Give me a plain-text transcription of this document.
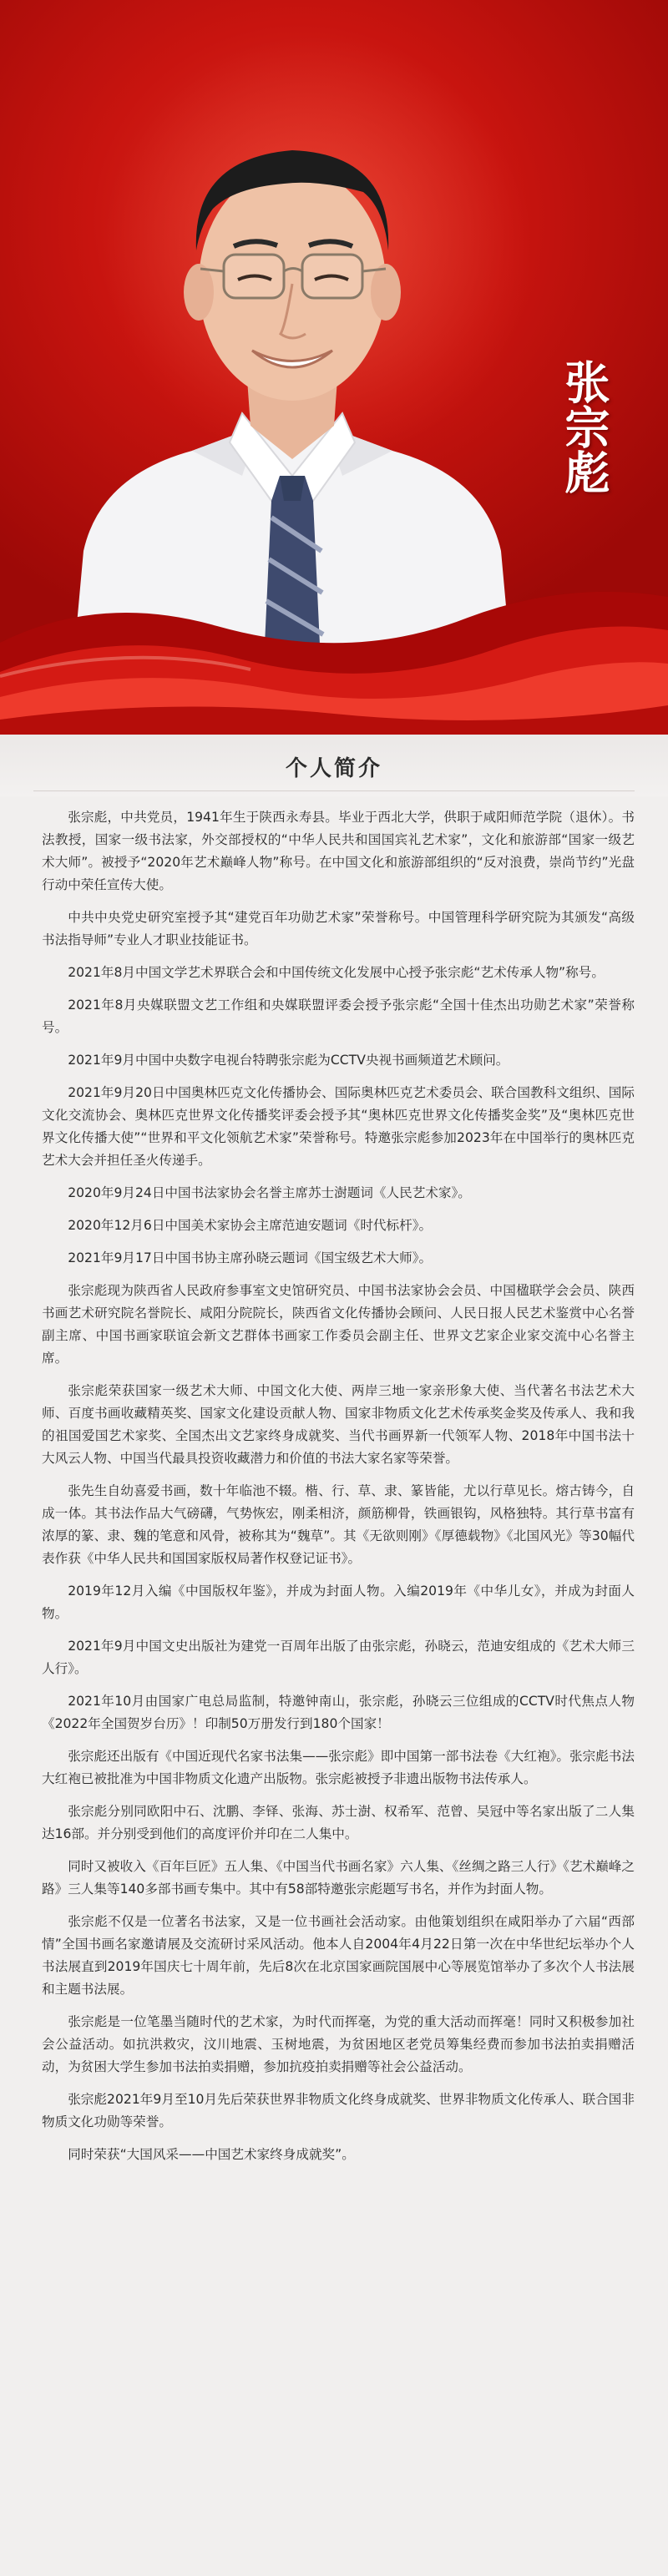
张宗彪
个人简介

张宗彪，中共党员，1941年生于陕西永寿县。毕业于西北大学，供职于咸阳师范学院（退休）。书法教授，国家一级书法家，外交部授权的“中华人民共和国国宾礼艺术家”，文化和旅游部“国家一级艺术大师”。被授予“2020年艺术巅峰人物”称号。在中国文化和旅游部组织的“反对浪费，崇尚节约”光盘行动中荣任宣传大使。

中共中央党史研究室授予其“建党百年功勋艺术家”荣誉称号。中国管理科学研究院为其颁发“高级书法指导师”专业人才职业技能证书。

2021年8月中国文学艺术界联合会和中国传统文化发展中心授予张宗彪“艺术传承人物”称号。

2021年8月央媒联盟文艺工作组和央媒联盟评委会授予张宗彪“全国十佳杰出功勋艺术家”荣誉称号。

2021年9月中国中央数字电视台特聘张宗彪为CCTV央视书画频道艺术顾问。

2021年9月20日中国奥林匹克文化传播协会、国际奥林匹克艺术委员会、联合国教科文组织、国际文化交流协会、奥林匹克世界文化传播奖评委会授予其“奥林匹克世界文化传播奖金奖”及“奥林匹克世界文化传播大使”“世界和平文化领航艺术家”荣誉称号。特邀张宗彪参加2023年在中国举行的奥林匹克艺术大会并担任圣火传递手。

2020年9月24日中国书法家协会名誉主席苏士澍题词《人民艺术家》。

2020年12月6日中国美术家协会主席范迪安题词《时代标杆》。

2021年9月17日中国书协主席孙晓云题词《国宝级艺术大师》。

张宗彪现为陕西省人民政府参事室文史馆研究员、中国书法家协会会员、中国楹联学会会员、陕西书画艺术研究院名誉院长、咸阳分院院长，陕西省文化传播协会顾问、人民日报人民艺术鉴赏中心名誉副主席、中国书画家联谊会新文艺群体书画家工作委员会副主任、世界文艺家企业家交流中心名誉主席。

张宗彪荣获国家一级艺术大师、中国文化大使、两岸三地一家亲形象大使、当代著名书法艺术大师、百度书画收藏精英奖、国家文化建设贡献人物、国家非物质文化艺术传承奖金奖及传承人、我和我的祖国爱国艺术家奖、全国杰出文艺家终身成就奖、当代书画界新一代领军人物、2018年中国书法十大风云人物、中国当代最具投资收藏潜力和价值的书法大家名家等荣誉。

张先生自幼喜爱书画，数十年临池不辍。楷、行、草、隶、篆皆能，尤以行草见长。熔古铸今，自成一体。其书法作品大气磅礴，气势恢宏，刚柔相济，颜筋柳骨，铁画银钩，风格独特。其行草书富有浓厚的篆、隶、魏的笔意和风骨，被称其为“魏草”。其《无欲则刚》《厚德载物》《北国风光》等30幅代表作获《中华人民共和国国家版权局著作权登记证书》。

2019年12月入编《中国版权年鉴》，并成为封面人物。入编2019年《中华儿女》，并成为封面人物。

2021年9月中国文史出版社为建党一百周年出版了由张宗彪，孙晓云，范迪安组成的《艺术大师三人行》。

2021年10月由国家广电总局监制，特邀钟南山，张宗彪，孙晓云三位组成的CCTV时代焦点人物《2022年全国贺岁台历》！印制50万册发行到180个国家！

张宗彪还出版有《中国近现代名家书法集——张宗彪》即中国第一部书法卷《大红袍》。张宗彪书法大红袍已被批准为中国非物质文化遗产出版物。张宗彪被授予非遗出版物书法传承人。

张宗彪分别同欧阳中石、沈鹏、李铎、张海、苏士澍、权希军、范曾、吴冠中等名家出版了二人集达16部。并分别受到他们的高度评价并印在二人集中。

同时又被收入《百年巨匠》五人集、《中国当代书画名家》六人集、《丝绸之路三人行》《艺术巅峰之路》三人集等140多部书画专集中。其中有58部特邀张宗彪题写书名，并作为封面人物。

张宗彪不仅是一位著名书法家，又是一位书画社会活动家。由他策划组织在咸阳举办了六届“西部情”全国书画名家邀请展及交流研讨采风活动。他本人自2004年4月22日第一次在中华世纪坛举办个人书法展直到2019年国庆七十周年前，先后8次在北京国家画院国展中心等展览馆举办了多次个人书法展和主题书法展。

张宗彪是一位笔墨当随时代的艺术家，为时代而挥毫，为党的重大活动而挥毫！同时又积极参加社会公益活动。如抗洪救灾，汶川地震、玉树地震，为贫困地区老党员筹集经费而参加书法拍卖捐赠活动，为贫困大学生参加书法拍卖捐赠，参加抗疫拍卖捐赠等社会公益活动。

张宗彪2021年9月至10月先后荣获世界非物质文化终身成就奖、世界非物质文化传承人、联合国非物质文化功勋等荣誉。

同时荣获“大国风采——中国艺术家终身成就奖”。
